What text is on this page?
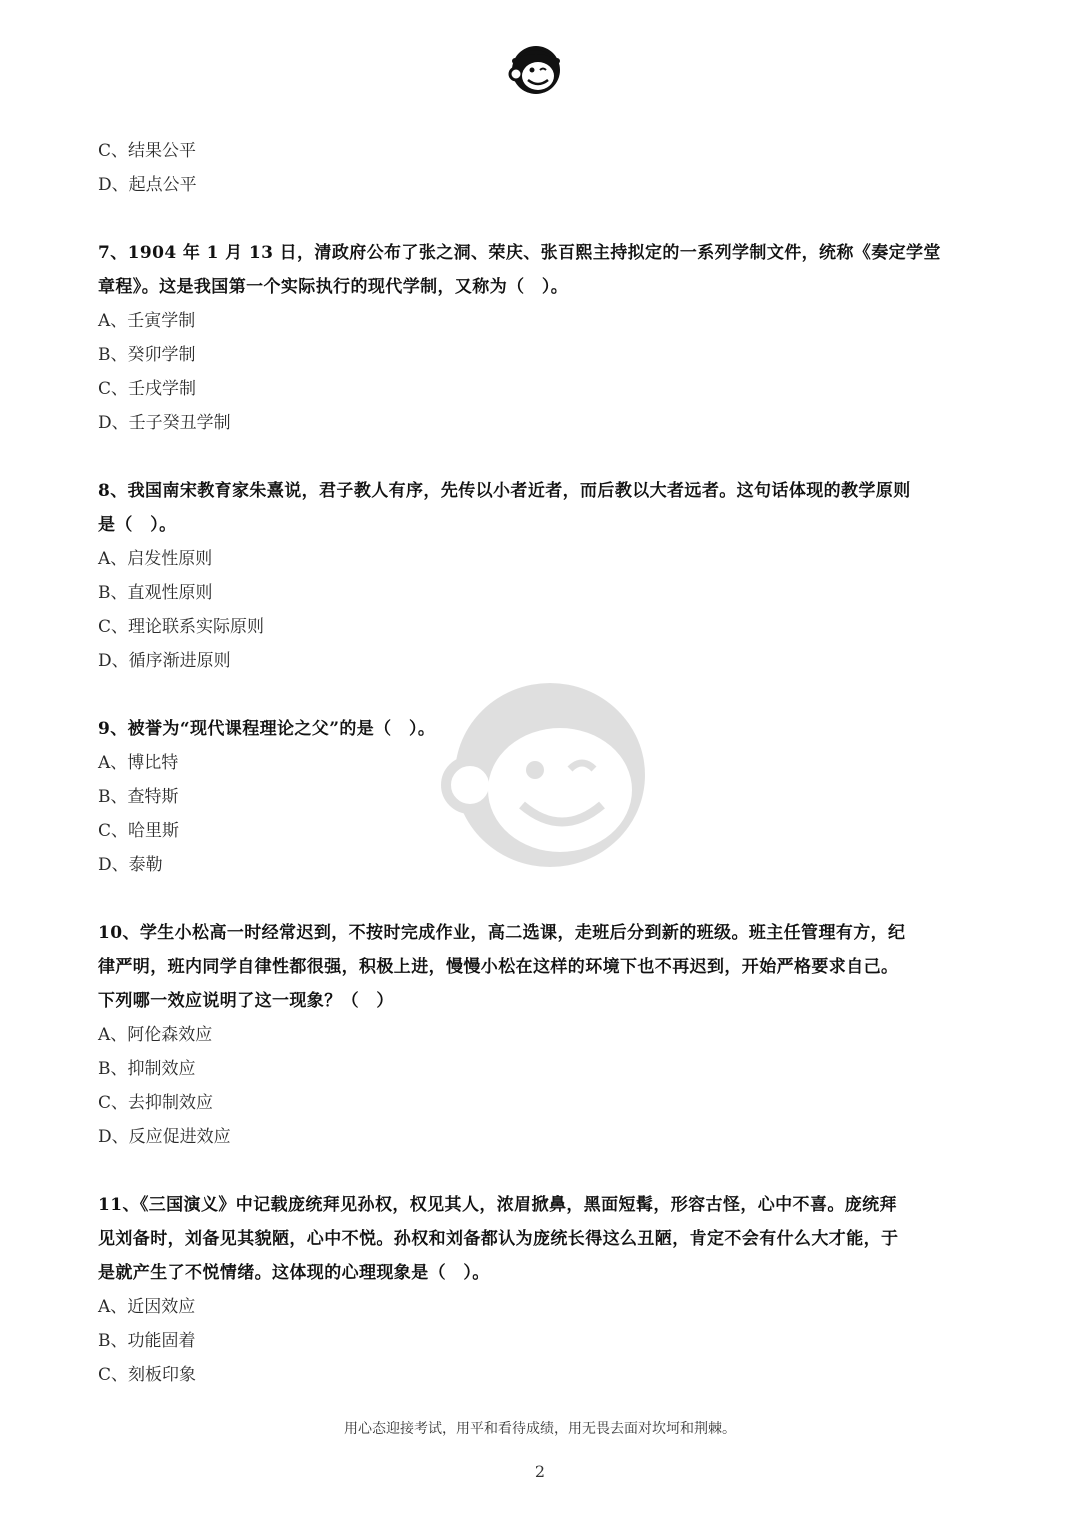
C、结果公平
D、起点公平
7、1904 年 1 月 13 日，清政府公布了张之洞、荣庆、张百熙主持拟定的一系列学制文件，统称《奏定学堂
章程》。这是我国第一个实际执行的现代学制，又称为（　）。
A、壬寅学制
B、癸卯学制
C、壬戌学制
D、壬子癸丑学制
8、我国南宋教育家朱熹说，君子教人有序，先传以小者近者，而后教以大者远者。这句话体现的教学原则
是（　）。
A、启发性原则
B、直观性原则
C、理论联系实际原则
D、循序渐进原则
9、被誉为“现代课程理论之父”的是（　）。
A、博比特
B、查特斯
C、哈里斯
D、泰勒
10、学生小松高一时经常迟到，不按时完成作业，高二选课，走班后分到新的班级。班主任管理有方，纪
律严明，班内同学自律性都很强，积极上进，慢慢小松在这样的环境下也不再迟到，开始严格要求自己。
下列哪一效应说明了这一现象？（　）
A、阿伦森效应
B、抑制效应
C、去抑制效应
D、反应促进效应
11、《三国演义》中记载庞统拜见孙权，权见其人，浓眉掀鼻，黑面短髯，形容古怪，心中不喜。庞统拜
见刘备时，刘备见其貌陋，心中不悦。孙权和刘备都认为庞统长得这么丑陋，肯定不会有什么大才能，于
是就产生了不悦情绪。这体现的心理现象是（　）。
A、近因效应
B、功能固着
C、刻板印象
用心态迎接考试，用平和看待成绩，用无畏去面对坎坷和荆棘。
2
